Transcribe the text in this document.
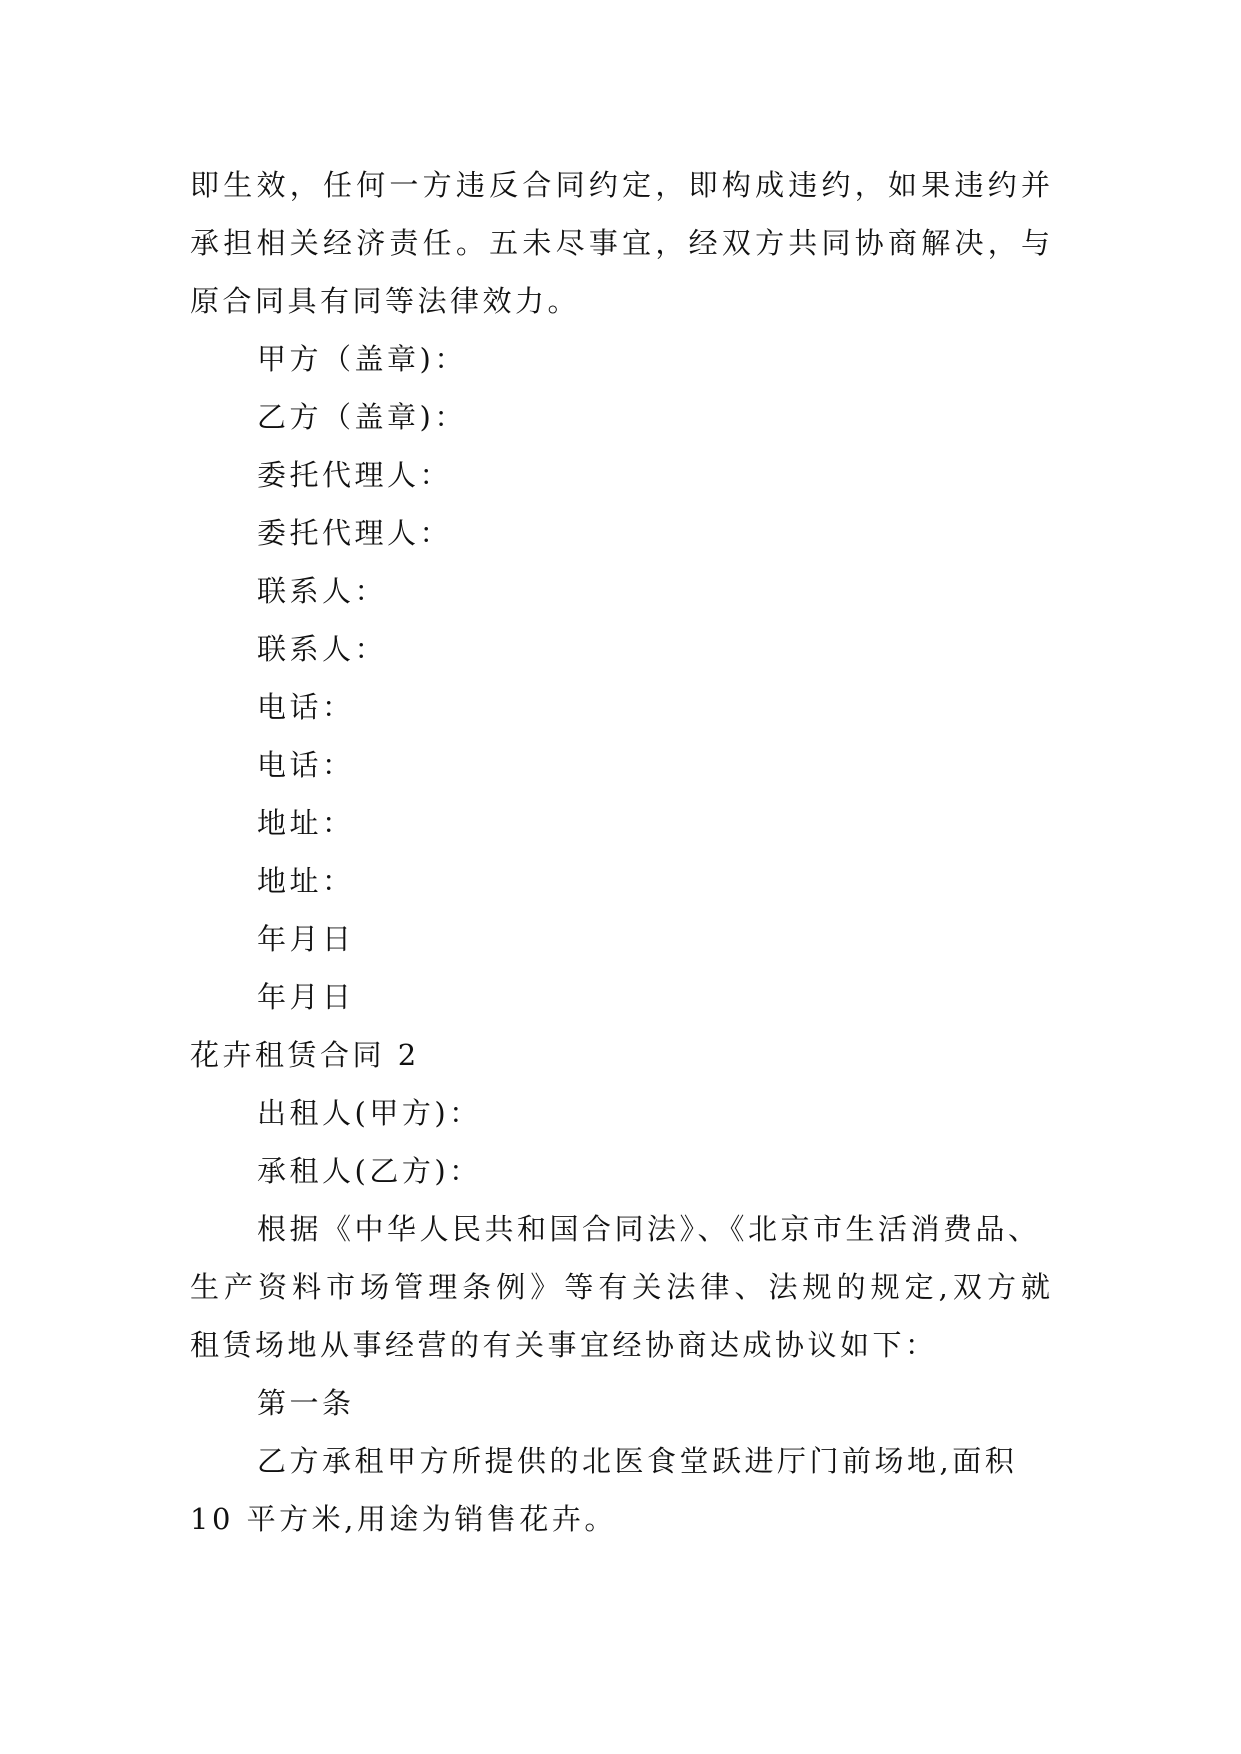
即生效，任何一方违反合同约定，即构成违约，如果违约并
承担相关经济责任。五未尽事宜，经双方共同协商解决，与
原合同具有同等法律效力。
甲方（盖章)：
乙方（盖章)：
委托代理人：
委托代理人：
联系人：
联系人：
电话：
电话：
地址：
地址：
年月日
年月日
花卉租赁合同 2
出租人(甲方)：
承租人(乙方)：
根据《中华人民共和国合同法》、《北京市生活消费品、
生产资料市场管理条例》等有关法律、法规的规定,双方就
租赁场地从事经营的有关事宜经协商达成协议如下：
第一条
乙方承租甲方所提供的北医食堂跃进厅门前场地,面积
10 平方米,用途为销售花卉。
